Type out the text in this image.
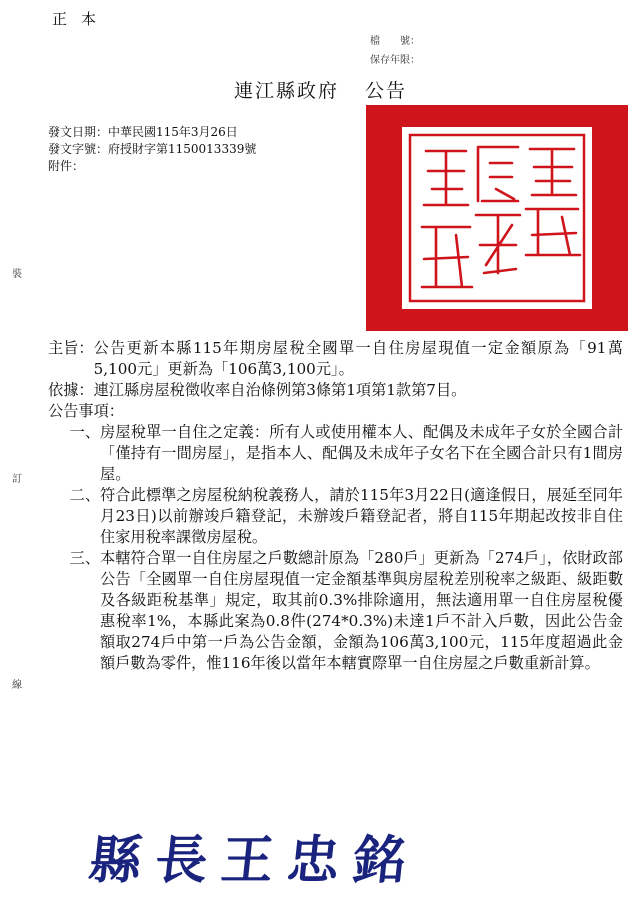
正本
檔　　號：
保存年限：
連江縣政府 公告
發文日期：中華民國115年3月26日
發文字號：府授財字第1150013339號
附件：
裝
訂
線
主旨： 公告更新本縣115年期房屋稅全國單一自住房屋現值一定金額原為「91萬5,100元」更新為「106萬3,100元」。
依據： 連江縣房屋稅徵收率自治條例第3條第1項第1款第7目。
公告事項：
一、 房屋稅單一自住之定義：所有人或使用權本人、配偶及未成年子女於全國合計「僅持有一間房屋」，是指本人、配偶及未成年子女名下在全國合計只有1間房屋。
二、 符合此標準之房屋稅納稅義務人，請於115年3月22日(適逢假日，展延至同年月23日)以前辦竣戶籍登記，未辦竣戶籍登記者，將自115年期起改按非自住住家用稅率課徵房屋稅。
三、 本轄符合單一自住房屋之戶數總計原為「280戶」更新為「274戶」，依財政部公告「全國單一自住房屋現值一定金額基準與房屋稅差別稅率之級距、級距數及各級距稅基準」規定，取其前0.3%排除適用，無法適用單一自住房屋稅優惠稅率1%，本縣此案為0.8件(274*0.3%)未達1戶不計入戶數，因此公告金額取274戶中第一戶為公告金額，金額為106萬3,100元，115年度超過此金額戶數為零件，惟116年後以當年本轄實際單一自住房屋之戶數重新計算。
縣長王忠銘
